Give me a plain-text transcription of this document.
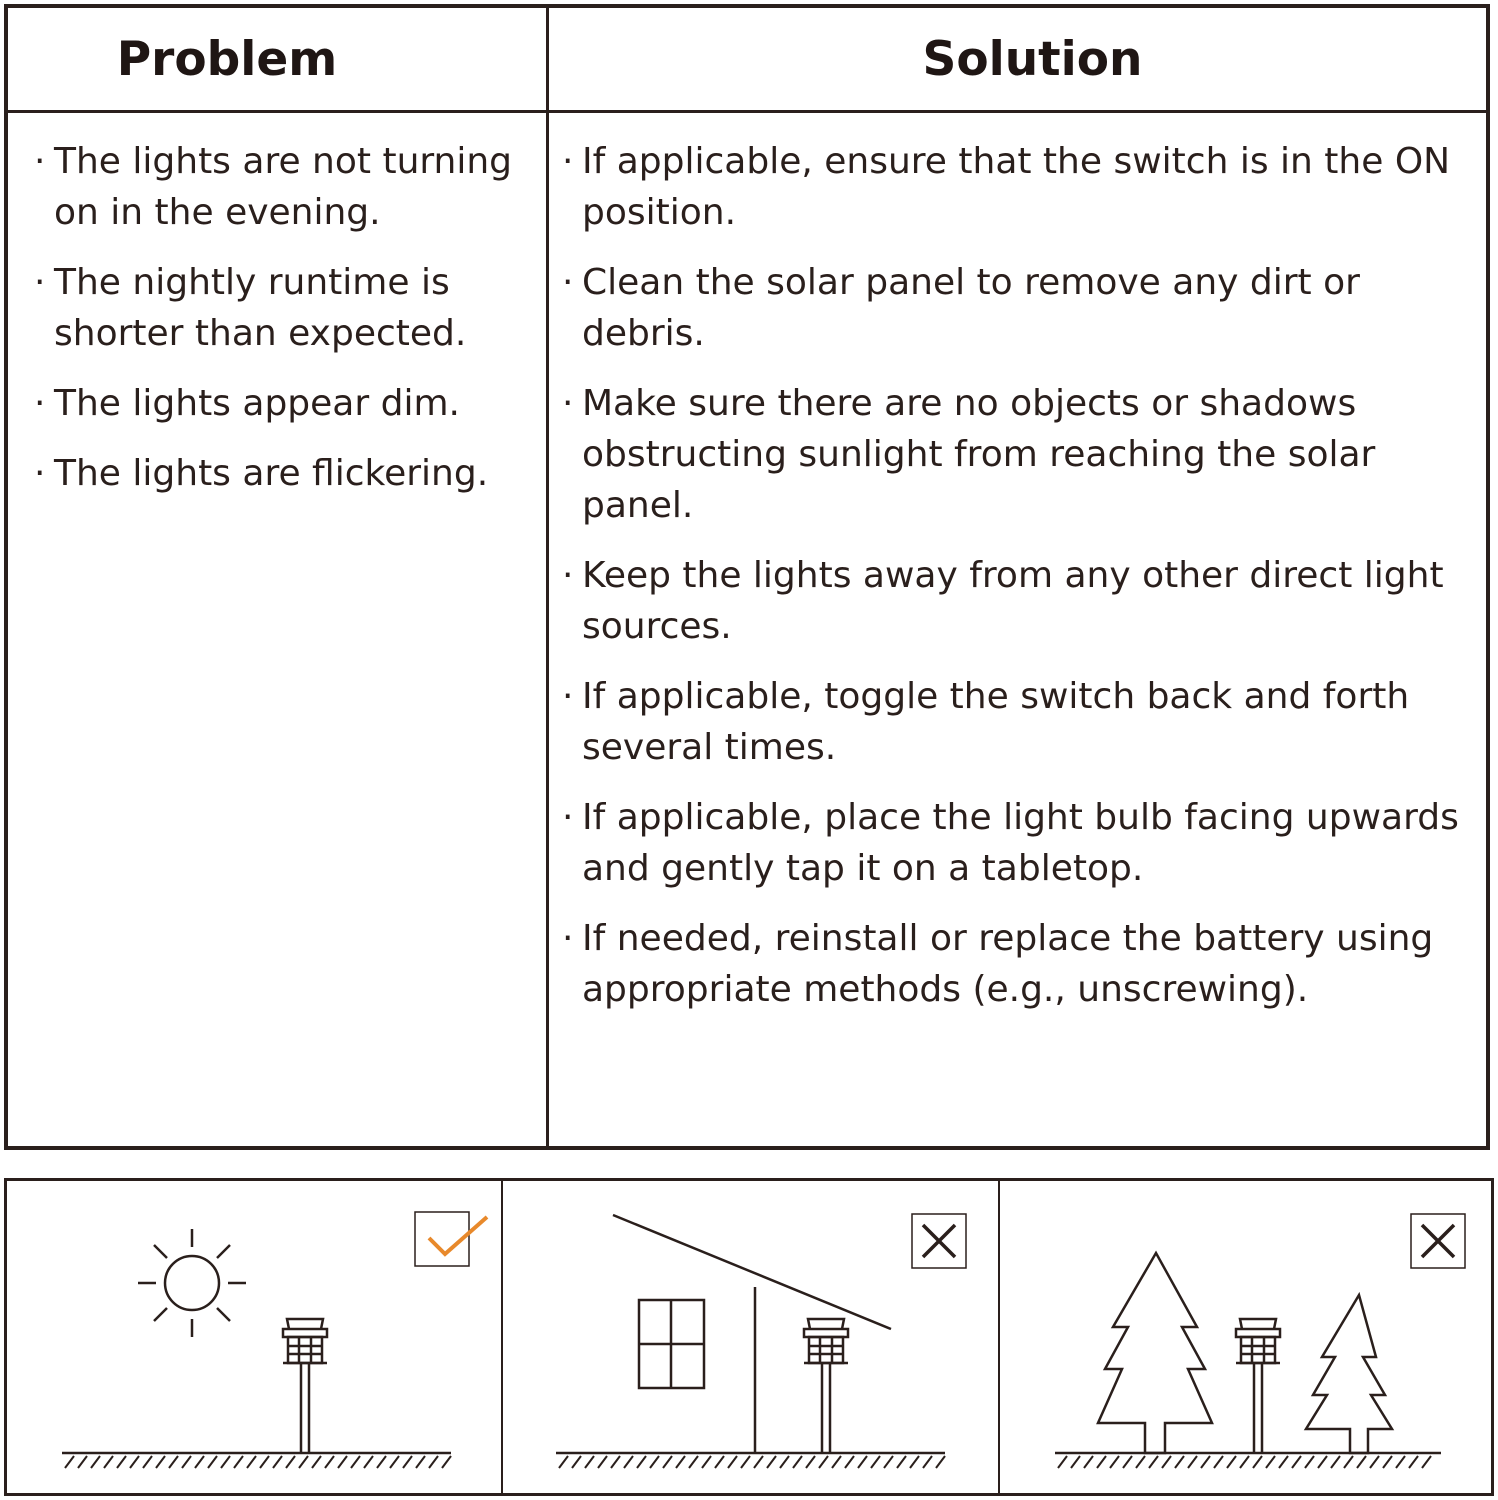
Problem	Solution
· The lights are not turning on in the evening.
· The nightly runtime is shorter than expected.
· The lights appear dim.
· The lights are flickering.
· If applicable, ensure that the switch is in the ON position.
· Clean the solar panel to remove any dirt or debris.
· Make sure there are no objects or shadows obstructing sunlight from reaching the solar panel.
· Keep the lights away from any other direct light sources.
· If applicable, toggle the switch back and forth several times.
· If applicable, place the light bulb facing upwards and gently tap it on a tabletop.
· If needed, reinstall or replace the battery using appropriate methods (e.g., unscrewing).
